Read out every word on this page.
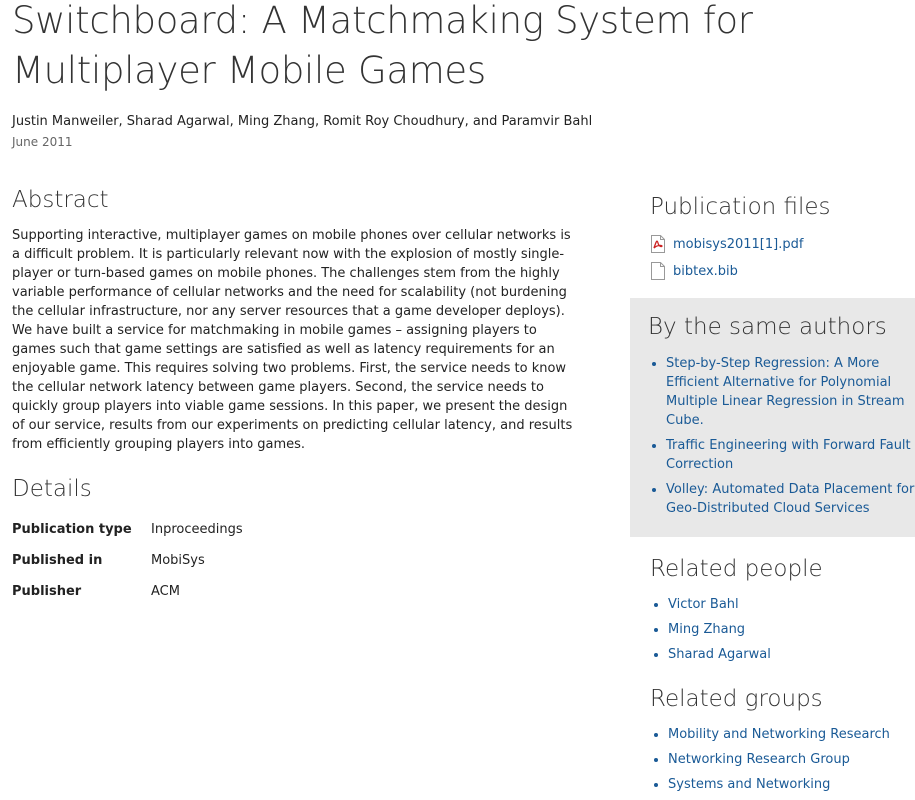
Switchboard: A Matchmaking System for Multiplayer Mobile Games
Justin Manweiler, Sharad Agarwal, Ming Zhang, Romit Roy Choudhury, and Paramvir Bahl
June 2011
Abstract

Supporting interactive, multiplayer games on mobile phones over cellular networks is a difficult problem. It is particularly relevant now with the explosion of mostly single-player or turn-based games on mobile phones. The challenges stem from the highly variable performance of cellular networks and the need for scalability (not burdening the cellular infrastructure, nor any server resources that a game developer deploys). We have built a service for matchmaking in mobile games – assigning players to games such that game settings are satisfied as well as latency requirements for an enjoyable game. This requires solving two problems. First, the service needs to know the cellular network latency between game players. Second, the service needs to quickly group players into viable game sessions. In this paper, we present the design of our service, results from our experiments on predicting cellular latency, and results from efficiently grouping players into games.

Details
Publication type	Inproceedings
Published in	MobiSys
Publisher	ACM
Publication files
mobisys2011[1].pdf
bibtex.bib
By the same authors
• Step-by-Step Regression: A More Efficient Alternative for Polynomial Multiple Linear Regression in Stream Cube.
• Traffic Engineering with Forward Fault Correction
• Volley: Automated Data Placement for Geo-Distributed Cloud Services
Related people
• Victor Bahl
• Ming Zhang
• Sharad Agarwal
Related groups
• Mobility and Networking Research
• Networking Research Group
• Systems and Networking
